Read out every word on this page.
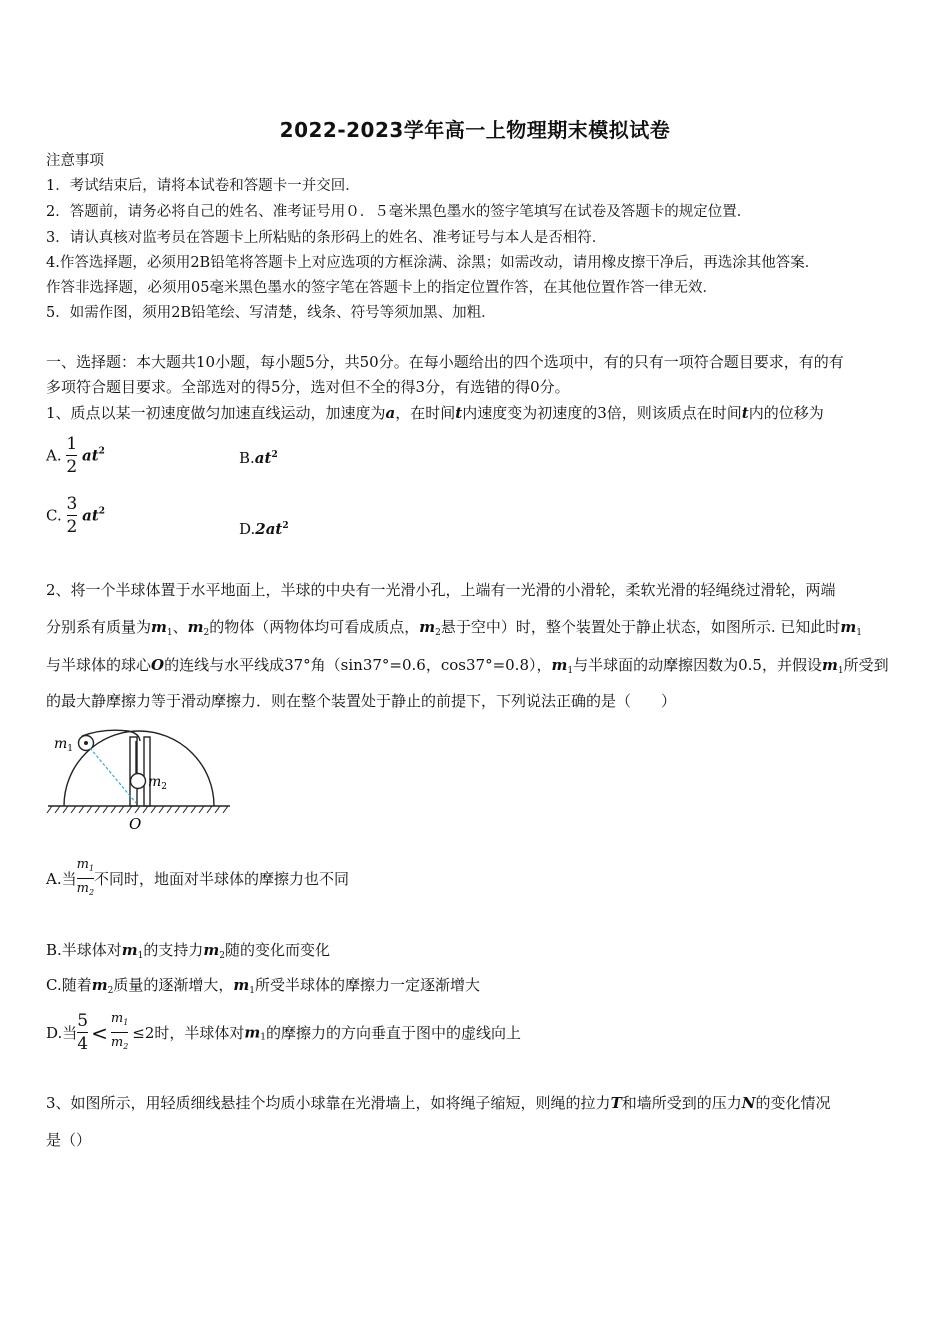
2022-2023学年高一上物理期末模拟试卷
注意事项
1．考试结束后，请将本试卷和答题卡一并交回．
2．答题前，请务必将自己的姓名、准考证号用０．５毫米黑色墨水的签字笔填写在试卷及答题卡的规定位置．
3．请认真核对监考员在答题卡上所粘贴的条形码上的姓名、准考证号与本人是否相符．
4.作答选择题，必须用2B铅笔将答题卡上对应选项的方框涂满、涂黑；如需改动，请用橡皮擦干净后，再选涂其他答案．
作答非选择题，必须用05毫米黑色墨水的签字笔在答题卡上的指定位置作答，在其他位置作答一律无效．
5．如需作图，须用2B铅笔绘、写清楚，线条、符号等须加黑、加粗．
一、选择题：本大题共10小题，每小题5分，共50分。在每小题给出的四个选项中，有的只有一项符合题目要求，有的有
多项符合题目要求。全部选对的得5分，选对但不全的得3分，有选错的得0分。
1、质点以某一初速度做匀加速直线运动，加速度为a，在时间t内速度变为初速度的3倍，则该质点在时间t内的位移为
A. $\frac{1}{2} at^2$	$B.at^2$
C. $\frac{3}{2} at^2$
$D.2at^2$
2、将一个半球体置于水平地面上，半球的中央有一光滑小孔，上端有一光滑的小滑轮，柔软光滑的轻绳绕过滑轮，两端
分别系有质量为$m_1$、$m_2$的物体（两物体均可看成质点，$m_2$悬于空中）时，整个装置处于静止状态，如图所示. 已知此时$m_1$
与半球体的球心O的连线与水平线成37°角（sin37°=0.6，cos37°=0.8），$m_1$与半球面的动摩擦因数为0.5，并假设$m_1$所受到
的最大静摩擦力等于滑动摩擦力．则在整个装置处于静止的前提下，下列说法正确的是（　　）
$m_1$
$m_2$
O
A.当 $\frac{m_1}{m_2}$ 不同时，地面对半球体的摩擦力也不同
B.半球体对$m_1$的支持力$m_2$随的变化而变化
C.随着$m_2$质量的逐渐增大，$m_1$所受半球体的摩擦力一定逐渐增大
D.当 $\frac{5}{4} < \frac{m_1}{m_2} \le 2$时，半球体对$m_1$的摩擦力的方向垂直于图中的虚线向上
3、如图所示，用轻质细线悬挂个均质小球靠在光滑墙上，如将绳子缩短，则绳的拉力T和墙所受到的压力N的变化情况
是（）
